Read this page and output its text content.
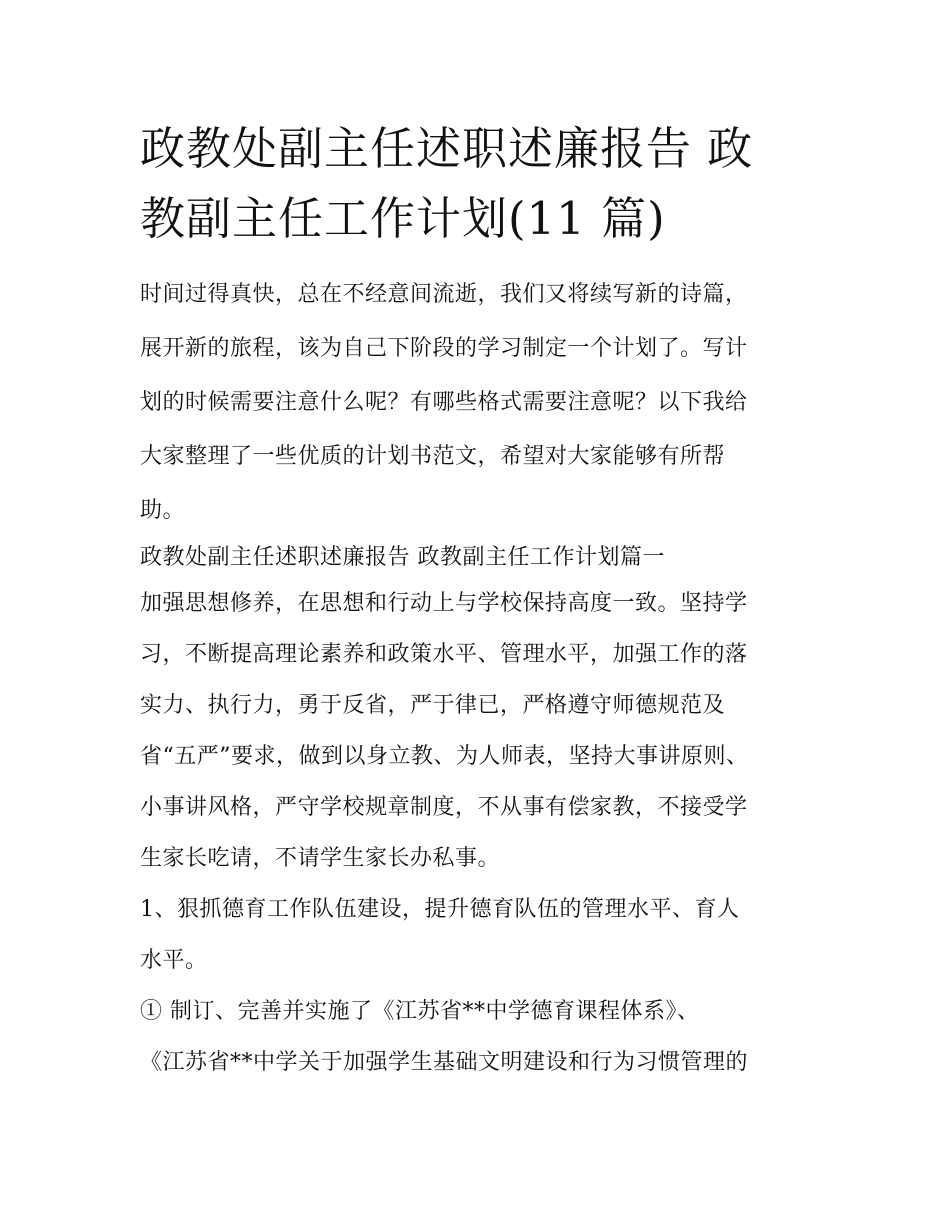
政教处副主任述职述廉报告 政
教副主任工作计划(11 篇)
时间过得真快，总在不经意间流逝，我们又将续写新的诗篇，
展开新的旅程，该为自己下阶段的学习制定一个计划了。写计
划的时候需要注意什么呢？有哪些格式需要注意呢？以下我给
大家整理了一些优质的计划书范文，希望对大家能够有所帮
助。
政教处副主任述职述廉报告 政教副主任工作计划篇一
加强思想修养，在思想和行动上与学校保持高度一致。坚持学
习，不断提高理论素养和政策水平、管理水平，加强工作的落
实力、执行力，勇于反省，严于律已，严格遵守师德规范及
省“五严”要求，做到以身立教、为人师表，坚持大事讲原则、
小事讲风格，严守学校规章制度，不从事有偿家教，不接受学
生家长吃请，不请学生家长办私事。
1、狠抓德育工作队伍建设，提升德育队伍的管理水平、育人
水平。
① 制订、完善并实施了《江苏省**中学德育课程体系》、
《江苏省**中学关于加强学生基础文明建设和行为习惯管理的
